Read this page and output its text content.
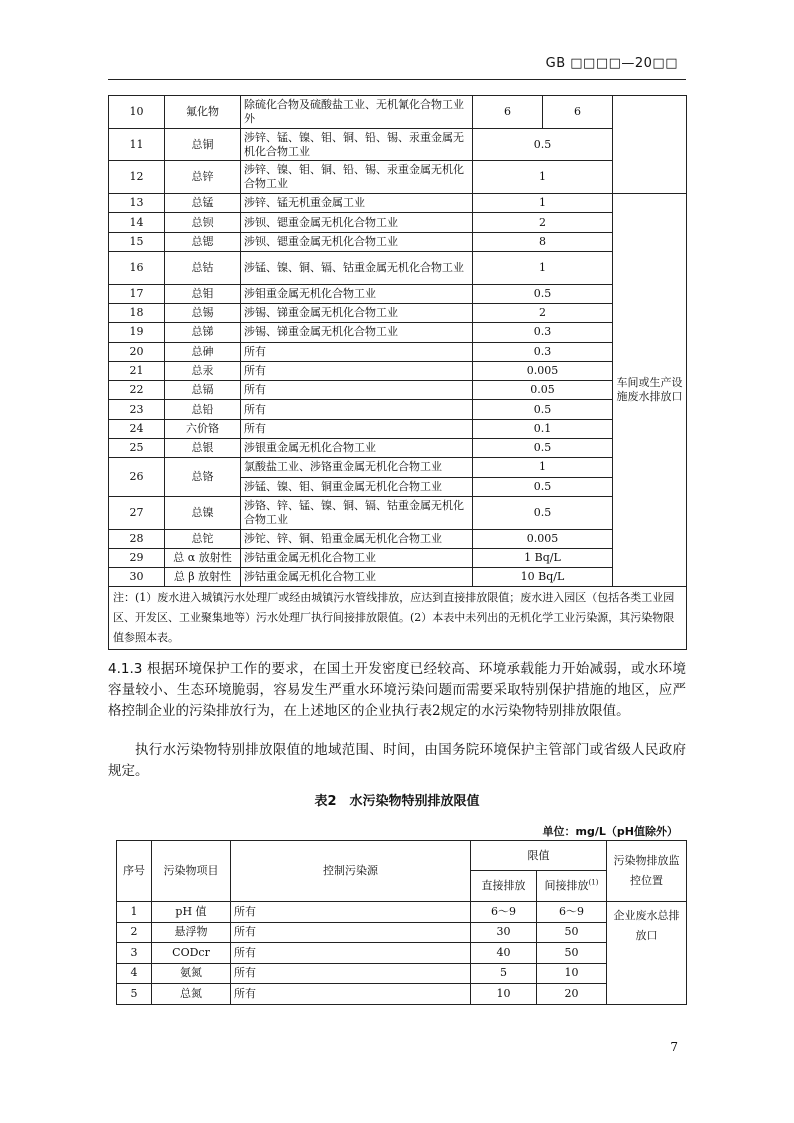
GB □□□□—20□□
10	氟化物	除硫化合物及硫酸盐工业、无机氰化合物工业外	6	6	
11	总铜	涉锌、锰、镍、钼、铜、铅、锡、汞重金属无机化合物工业	0.5		
12	总锌	涉锌、镍、钼、铜、铅、锡、汞重金属无机化合物工业	1		
13	总锰	涉锌、锰无机重金属工业	1		车间或生产设施废水排放口
14	总钡	涉钡、锶重金属无机化合物工业	2		
15	总锶	涉钡、锶重金属无机化合物工业	8		
16	总钴	涉锰、镍、铜、镉、钴重金属无机化合物工业	1		
17	总钼	涉钼重金属无机化合物工业	0.5		
18	总锡	涉锡、锑重金属无机化合物工业	2		
19	总锑	涉锡、锑重金属无机化合物工业	0.3		
20	总砷	所有	0.3		
21	总汞	所有	0.005		
22	总镉	所有	0.05		
23	总铅	所有	0.5		
24	六价铬	所有	0.1		
25	总银	涉银重金属无机化合物工业	0.5		
26	总铬	氯酸盐工业、涉铬重金属无机化合物工业	1		
		涉锰、镍、钼、铜重金属无机化合物工业	0.5		
27	总镍	涉铬、锌、锰、镍、铜、镉、钴重金属无机化合物工业	0.5		
28	总铊	涉铊、锌、铜、铅重金属无机化合物工业	0.005		
29	总 α 放射性	涉钴重金属无机化合物工业	1 Bq/L		
30	总 β 放射性	涉钴重金属无机化合物工业	10 Bq/L		
注：(1）废水进入城镇污水处理厂或经由城镇污水管线排放，应达到直接排放限值；废水进入园区（包括各类工业园区、开发区、工业聚集地等）污水处理厂执行间接排放限值。(2）本表中未列出的无机化学工业污染源，其污染物限值参照本表。					

4.1.3 根据环境保护工作的要求，在国土开发密度已经较高、环境承载能力开始减弱，或水环境容量较小、生态环境脆弱，容易发生严重水环境污染问题而需要采取特别保护措施的地区，应严格控制企业的污染排放行为，在上述地区的企业执行表2规定的水污染物特别排放限值。

执行水污染物特别排放限值的地域范围、时间，由国务院环境保护主管部门或省级人民政府规定。

表2　水污染物特别排放限值
单位：mg/L（pH值除外）
序号	污染物项目	控制污染源	限值		污染物排放监控位置
			直接排放	间接排放$^{(1)}$
1	pH 值	所有	6～9	6～9	企业废水总排放口
2	悬浮物	所有	30	50	
3	CODcr	所有	40	50	
4	氨氮	所有	5	10	
5	总氮	所有	10	20	
7
